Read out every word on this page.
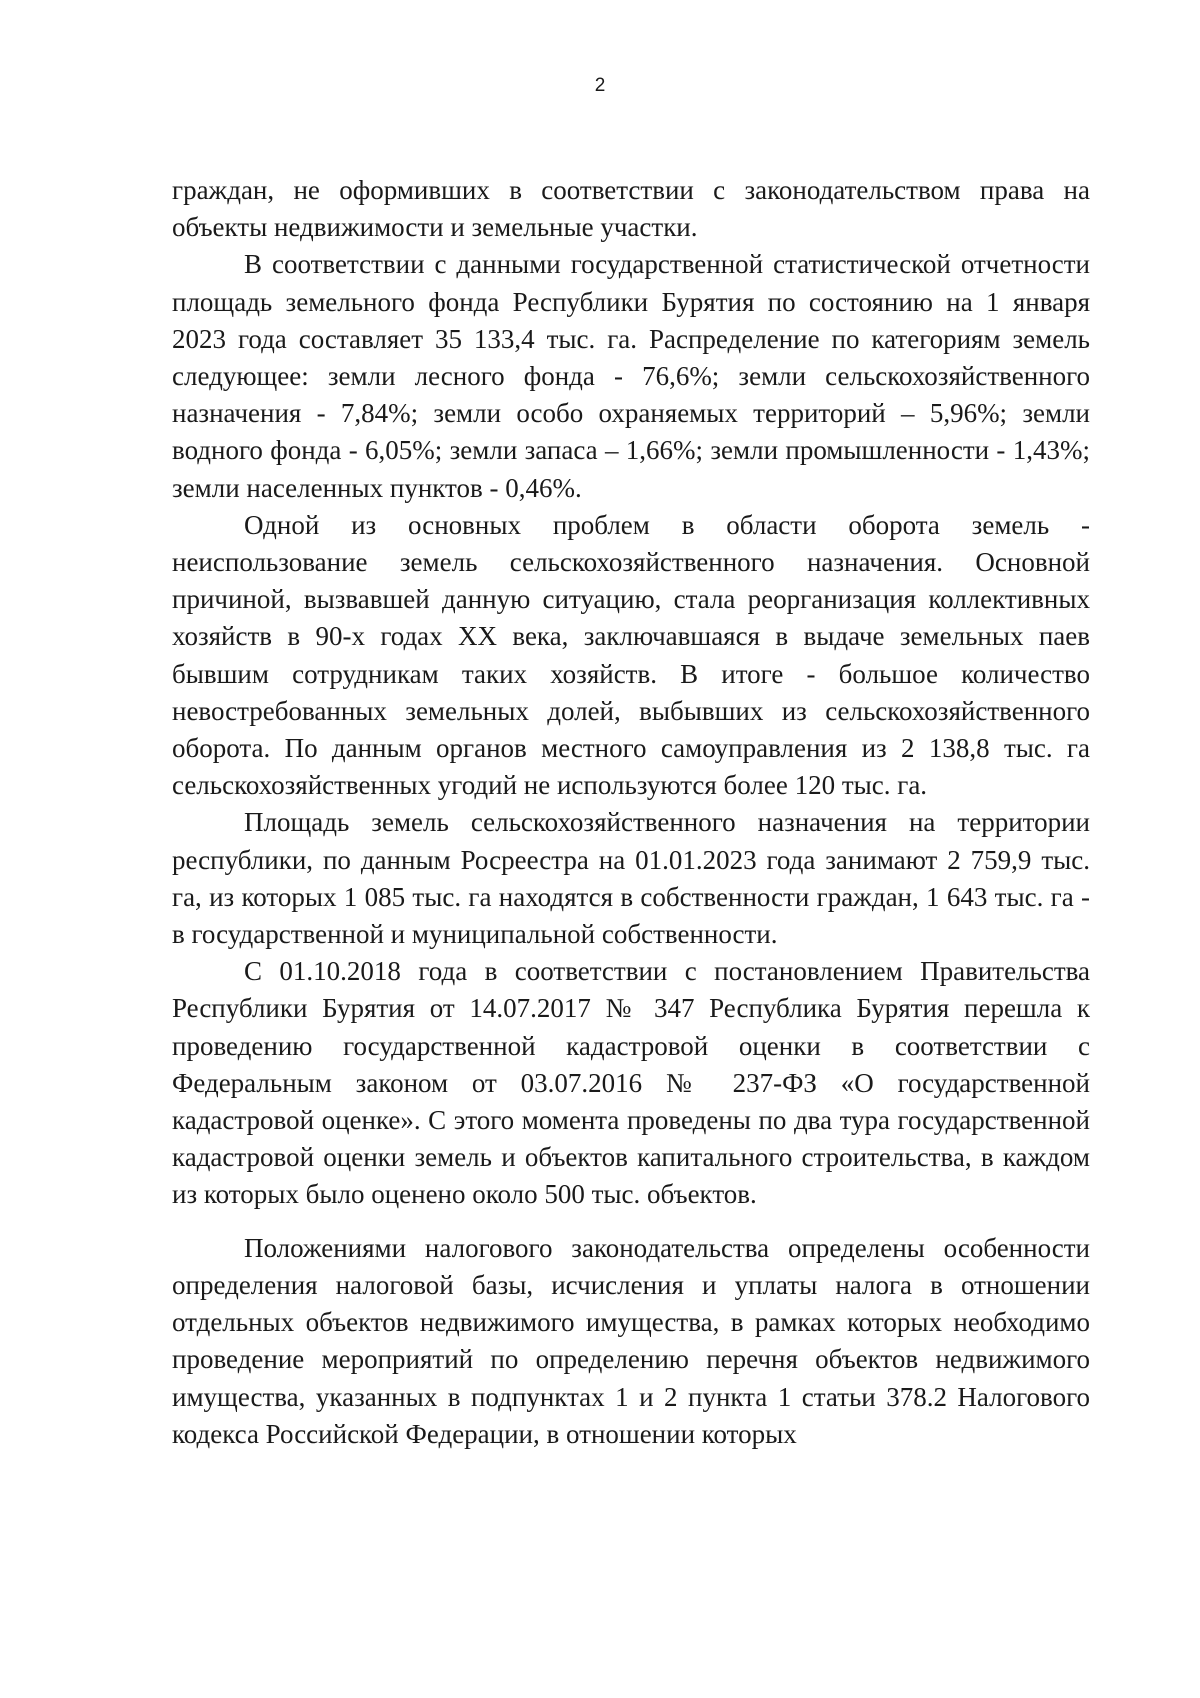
2

граждан, не оформивших в соответствии с законодательством права на объекты недвижимости и земельные участки.

В соответствии с данными государственной статистической отчетности площадь земельного фонда Республики Бурятия по состоянию на 1 января 2023 года составляет 35 133,4 тыс. га. Распределение по категориям земель следующее: земли лесного фонда - 76,6%; земли сельскохозяйственного назначения - 7,84%; земли особо охраняемых территорий – 5,96%; земли водного фонда - 6,05%; земли запаса – 1,66%; земли промышленности - 1,43%; земли населенных пунктов - 0,46%.

Одной из основных проблем в области оборота земель - неиспользование земель сельскохозяйственного назначения. Основной причиной, вызвавшей данную ситуацию, стала реорганизация коллективных хозяйств в 90-х годах XX века, заключавшаяся в выдаче земельных паев бывшим сотрудникам таких хозяйств. В итоге - большое количество невостребованных земельных долей, выбывших из сельскохозяйственного оборота. По данным органов местного самоуправления из 2 138,8 тыс. га сельскохозяйственных угодий не используются более 120 тыс. га.

Площадь земель сельскохозяйственного назначения на территории республики, по данным Росреестра на 01.01.2023 года занимают 2 759,9 тыс. га, из которых 1 085 тыс. га находятся в собственности граждан, 1 643 тыс. га - в государственной и муниципальной собственности.

С 01.10.2018 года в соответствии с постановлением Правительства Республики Бурятия от 14.07.2017 № 347 Республика Бурятия перешла к проведению государственной кадастровой оценки в соответствии с Федеральным законом от 03.07.2016 № 237-ФЗ «О государственной кадастровой оценке». С этого момента проведены по два тура государственной кадастровой оценки земель и объектов капитального строительства, в каждом из которых было оценено около 500 тыс. объектов.

Положениями налогового законодательства определены особенности определения налоговой базы, исчисления и уплаты налога в отношении отдельных объектов недвижимого имущества, в рамках которых необходимо проведение мероприятий по определению перечня объектов недвижимого имущества, указанных в подпунктах 1 и 2 пункта 1 статьи 378.2 Налогового кодекса Российской Федерации, в отношении которых
